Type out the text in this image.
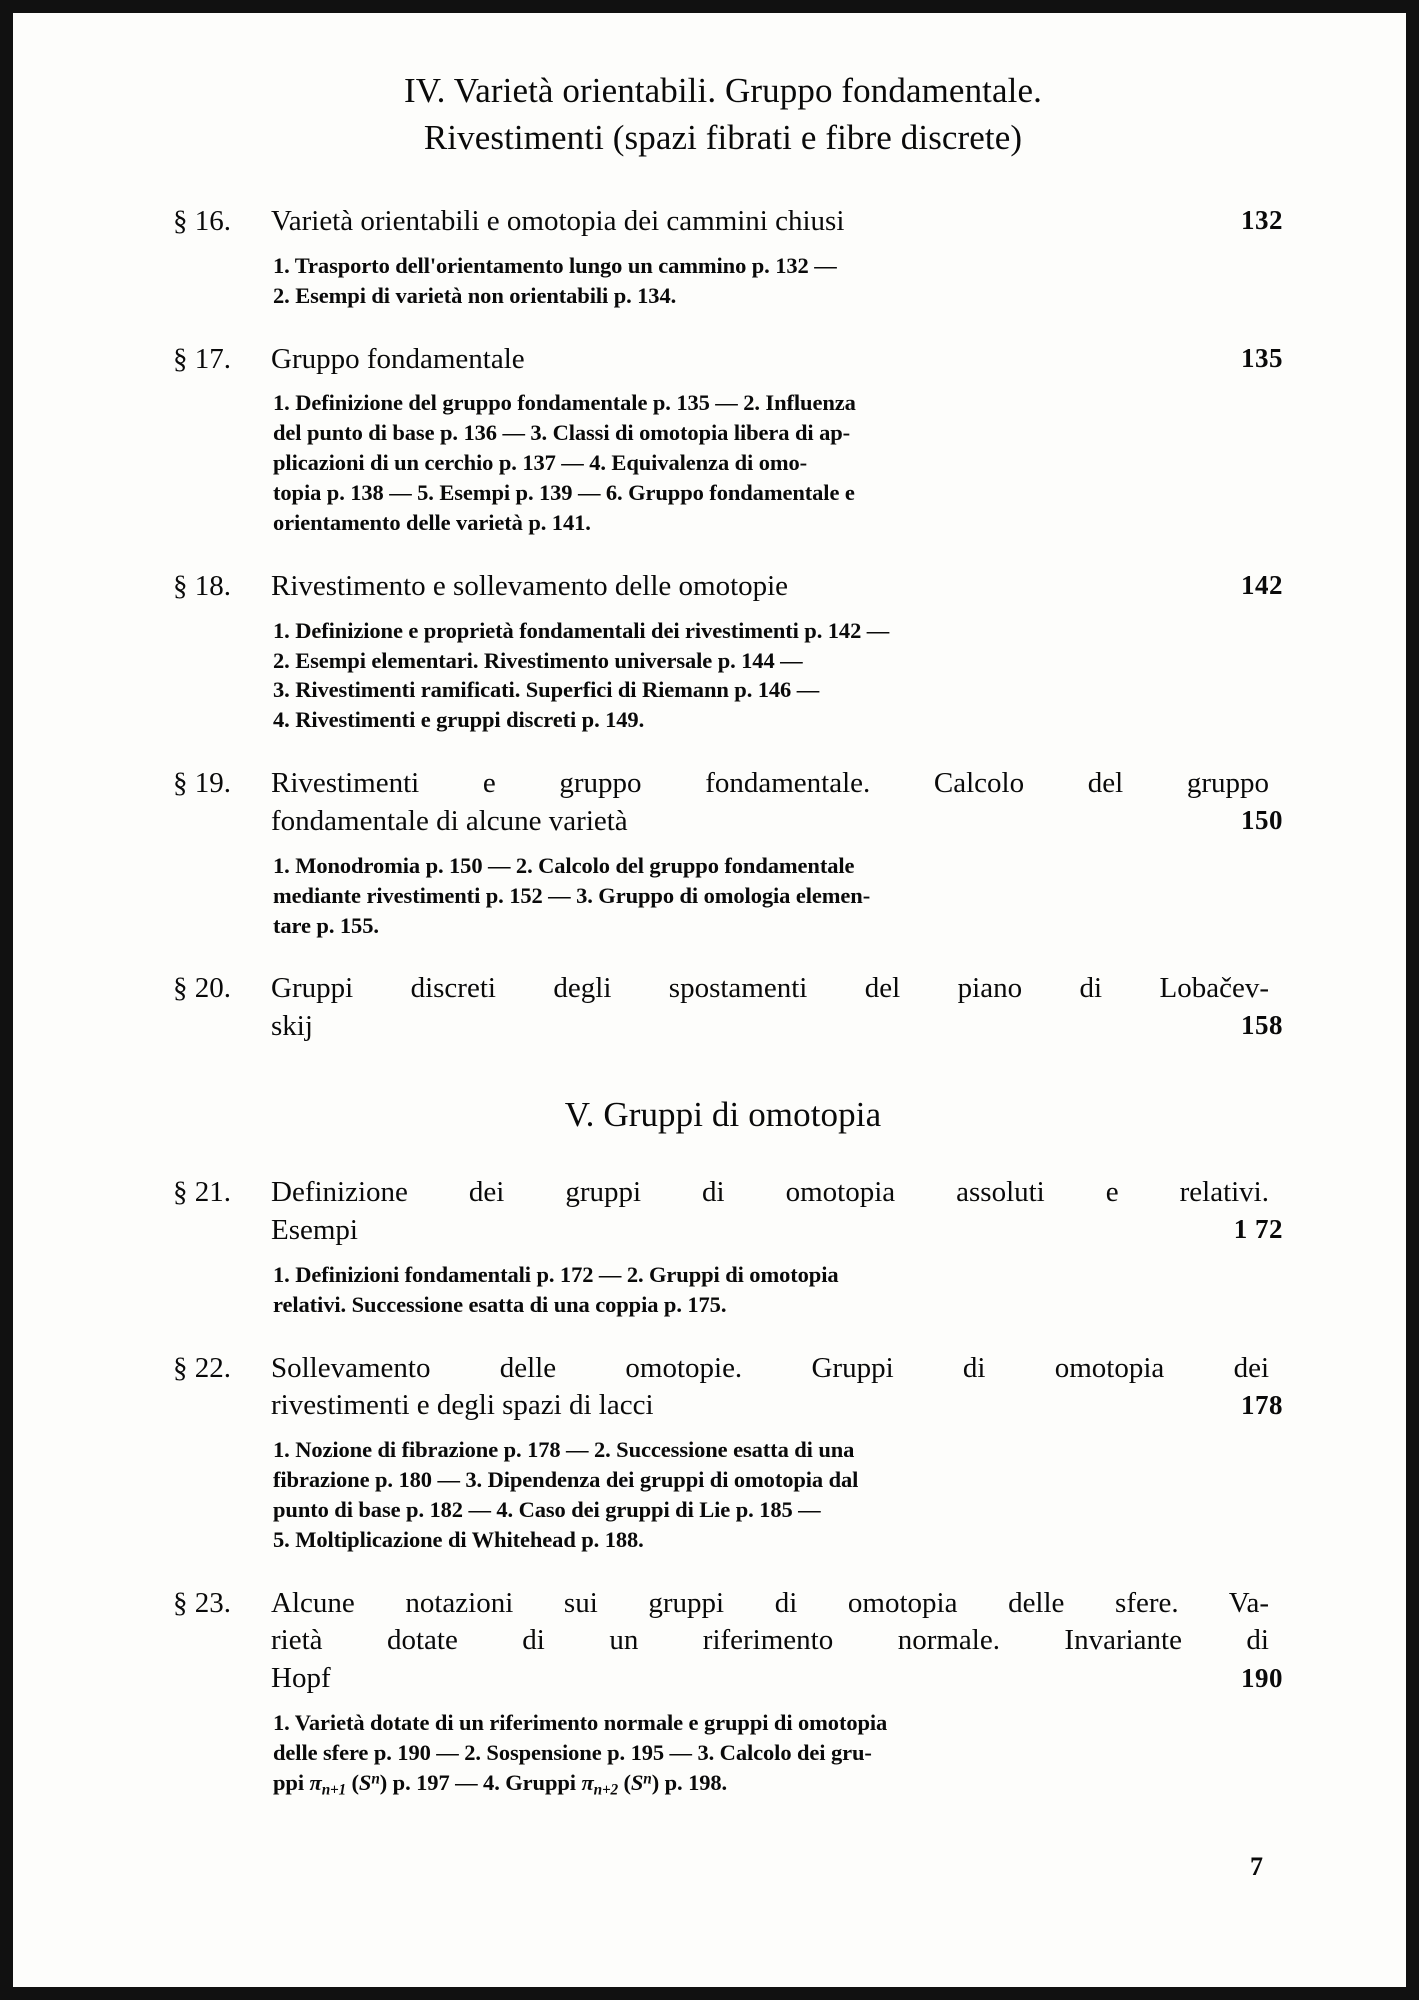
IV. Varietà orientabili. Gruppo fondamentale.
Rivestimenti (spazi fibrati e fibre discrete)
§ 16.	Varietà orientabili e omotopia dei cammini chiusi	132
1. Trasporto dell'orientamento lungo un cammino p. 132 —
2. Esempi di varietà non orientabili p. 134.
§ 17.	Gruppo fondamentale	135
1. Definizione del gruppo fondamentale p. 135 — 2. Influenza
del punto di base p. 136 — 3. Classi di omotopia libera di ap-
plicazioni di un cerchio p. 137 — 4. Equivalenza di omo-
topia p. 138 — 5. Esempi p. 139 — 6. Gruppo fondamentale e
orientamento delle varietà p. 141.
§ 18.	Rivestimento e sollevamento delle omotopie	142
1. Definizione e proprietà fondamentali dei rivestimenti p. 142 —
2. Esempi elementari. Rivestimento universale p. 144 —
3. Rivestimenti ramificati. Superfici di Riemann p. 146 —
4. Rivestimenti e gruppi discreti p. 149.
§ 19.	Rivestimenti e gruppo fondamentale. Calcolo del gruppo
fondamentale di alcune varietà	150
1. Monodromia p. 150 — 2. Calcolo del gruppo fondamentale
mediante rivestimenti p. 152 — 3. Gruppo di omologia elemen-
tare p. 155.
§ 20.	Gruppi discreti degli spostamenti del piano di Lobačev-
skij	158
V. Gruppi di omotopia
§ 21.	Definizione dei gruppi di omotopia assoluti e relativi.
Esempi	1 72
1. Definizioni fondamentali p. 172 — 2. Gruppi di omotopia
relativi. Successione esatta di una coppia p. 175.
§ 22.	Sollevamento delle omotopie. Gruppi di omotopia dei
rivestimenti e degli spazi di lacci	178
1. Nozione di fibrazione p. 178 — 2. Successione esatta di una
fibrazione p. 180 — 3. Dipendenza dei gruppi di omotopia dal
punto di base p. 182 — 4. Caso dei gruppi di Lie p. 185 —
5. Moltiplicazione di Whitehead p. 188.
§ 23.	Alcune notazioni sui gruppi di omotopia delle sfere. Va-
rietà dotate di un riferimento normale. Invariante di
Hopf	190
1. Varietà dotate di un riferimento normale e gruppi di omotopia
delle sfere p. 190 — 2. Sospensione p. 195 — 3. Calcolo dei gru-
ppi $\pi_{n+1}$ $(S^n)$ p. 197 — 4. Gruppi $\pi_{n+2}$ $(S^n)$ p. 198.
7
